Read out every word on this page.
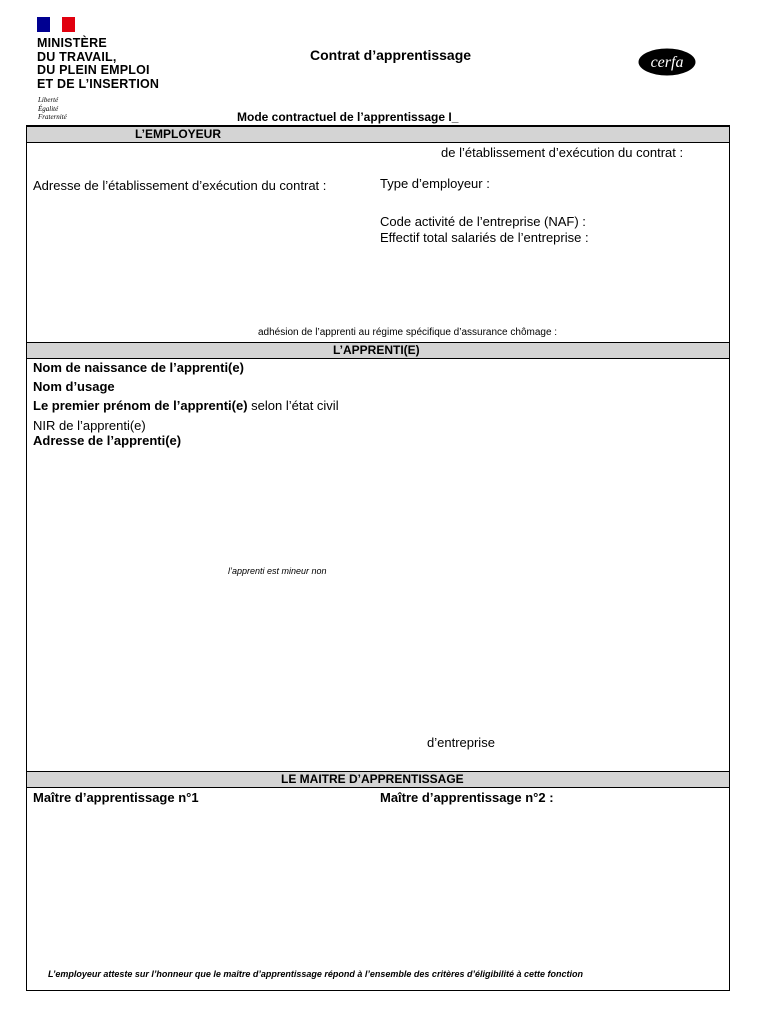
MINISTÈRE
DU TRAVAIL,
DU PLEIN EMPLOI
ET DE L’INSERTION
Liberté
Égalité
Fraternité
Contrat d’apprentissage	cerfa
Mode contractuel de l’apprentissage I_
L’EMPLOYEUR
de l’établissement d’exécution du contrat :
Adresse de l’établissement d’exécution du contrat :	Type d’employeur :
Code activité de l’entreprise (NAF) :
Effectif total salariés de l’entreprise :
adhésion de l’apprenti au régime spécifique d’assurance chômage :
L’APPRENTI(E)
Nom de naissance de l’apprenti(e)
Nom d’usage
Le premier prénom de l’apprenti(e) selon l’état civil
NIR de l’apprenti(e)
Adresse de l’apprenti(e)
l’apprenti est mineur non
d’entreprise
LE MAITRE D’APPRENTISSAGE
Maître d’apprentissage n°1	Maître d’apprentissage n°2 :
L’employeur atteste sur l’honneur que le maître d’apprentissage répond à l’ensemble des critères d’éligibilité à cette fonction
